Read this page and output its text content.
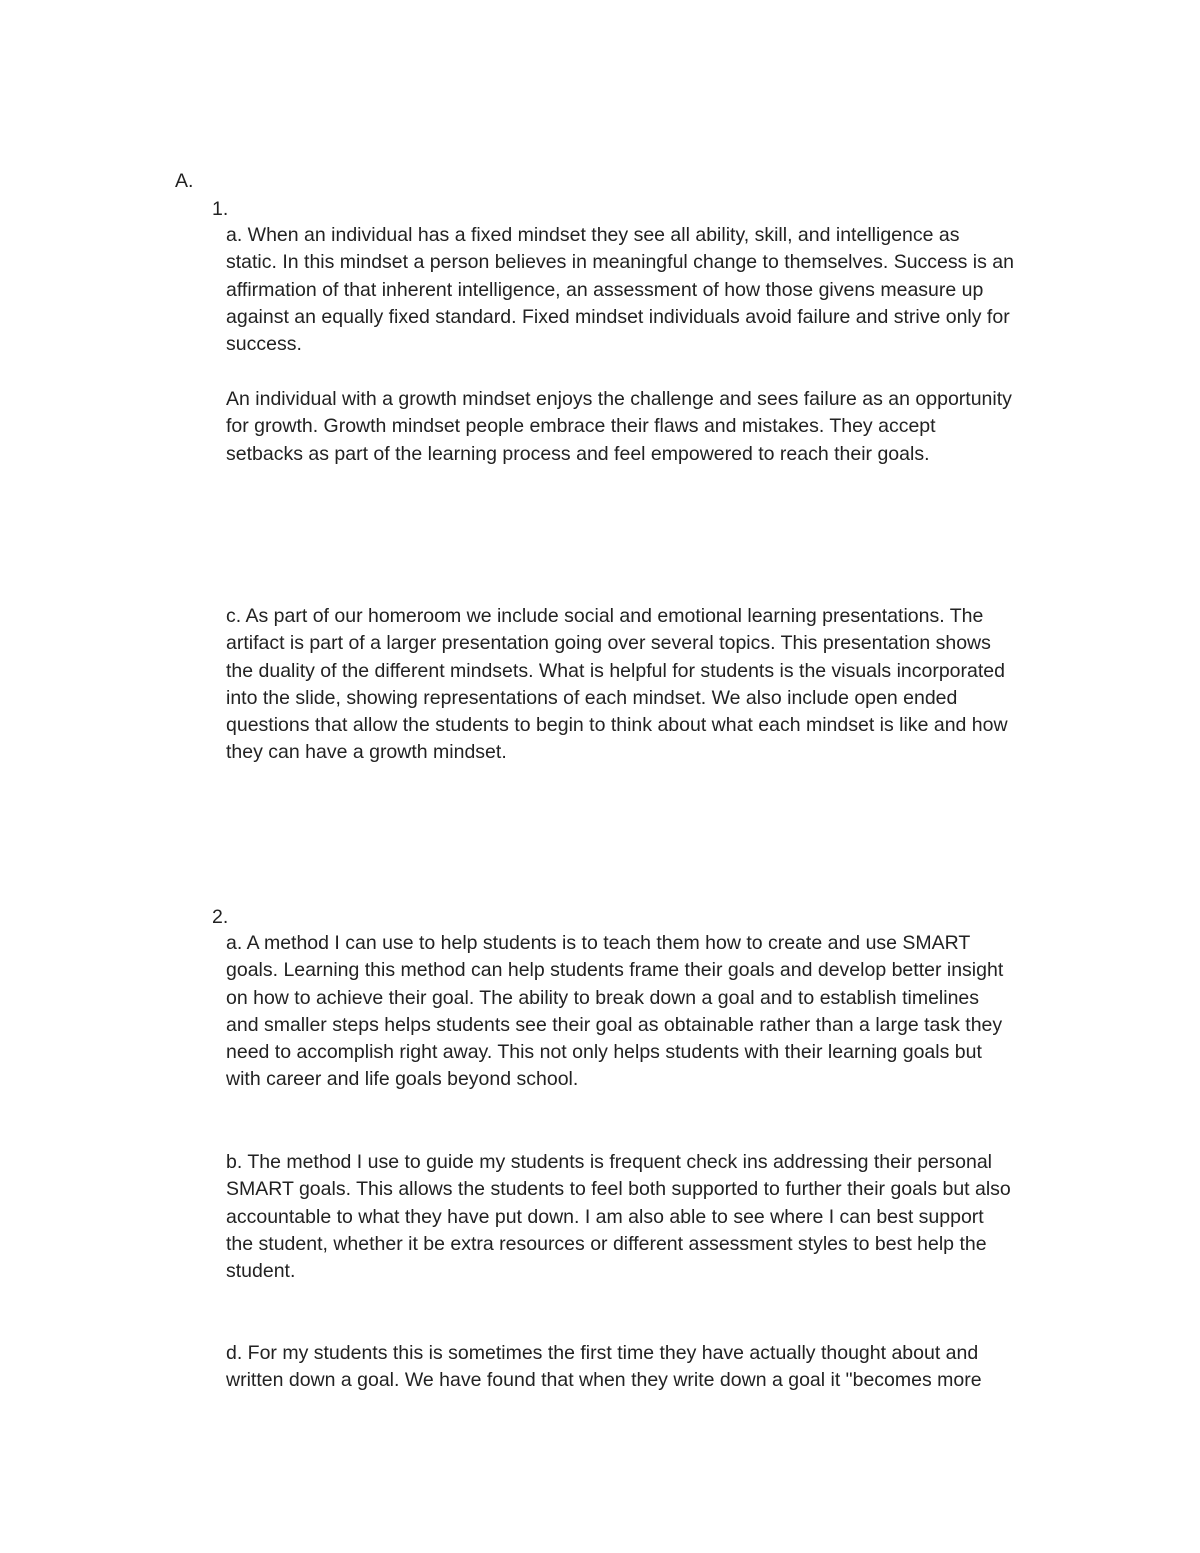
A.
1.
a. When an individual has a fixed mindset they see all ability, skill, and intelligence as
static. In this mindset a person believes in meaningful change to themselves. Success is an
affirmation of that inherent intelligence, an assessment of how those givens measure up
against an equally fixed standard. Fixed mindset individuals avoid failure and strive only for
success.
An individual with a growth mindset enjoys the challenge and sees failure as an opportunity
for growth. Growth mindset people embrace their flaws and mistakes. They accept
setbacks as part of the learning process and feel empowered to reach their goals.
c. As part of our homeroom we include social and emotional learning presentations. The
artifact is part of a larger presentation going over several topics. This presentation shows
the duality of the different mindsets. What is helpful for students is the visuals incorporated
into the slide, showing representations of each mindset. We also include open ended
questions that allow the students to begin to think about what each mindset is like and how
they can have a growth mindset.
2.
a. A method I can use to help students is to teach them how to create and use SMART
goals. Learning this method can help students frame their goals and develop better insight
on how to achieve their goal. The ability to break down a goal and to establish timelines
and smaller steps helps students see their goal as obtainable rather than a large task they
need to accomplish right away. This not only helps students with their learning goals but
with career and life goals beyond school.
b. The method I use to guide my students is frequent check ins addressing their personal
SMART goals. This allows the students to feel both supported to further their goals but also
accountable to what they have put down. I am also able to see where I can best support
the student, whether it be extra resources or different assessment styles to best help the
student.
d. For my students this is sometimes the first time they have actually thought about and
written down a goal. We have found that when they write down a goal it "becomes more
